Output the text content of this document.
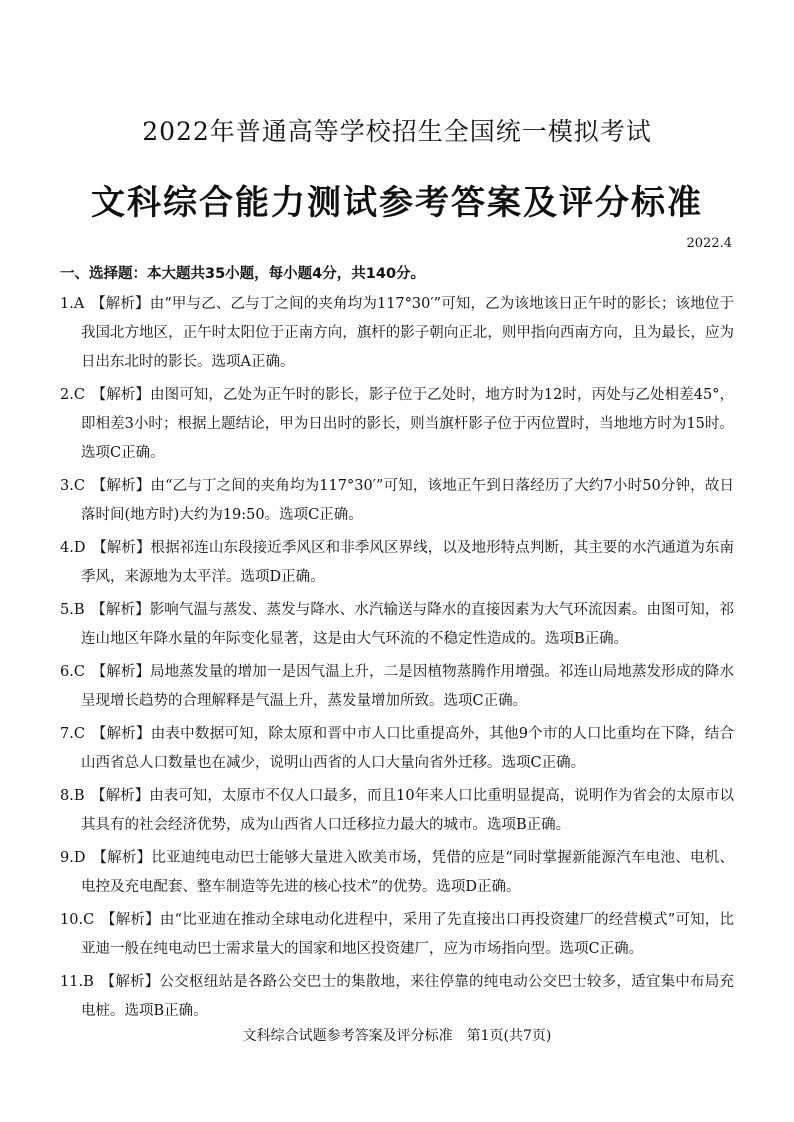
2022年普通高等学校招生全国统一模拟考试
文科综合能力测试参考答案及评分标准
2022.4
一、选择题：本大题共35小题，每小题4分，共140分。
1.A 【解析】由“甲与乙、乙与丁之间的夹角均为117°30′”可知，乙为该地该日正午时的影长；该地位于我国北方地区，正午时太阳位于正南方向，旗杆的影子朝向正北，则甲指向西南方向，且为最长，应为日出东北时的影长。选项A正确。
2.C 【解析】由图可知，乙处为正午时的影长，影子位于乙处时，地方时为12时，丙处与乙处相差45°，即相差3小时；根据上题结论，甲为日出时的影长，则当旗杆影子位于丙位置时，当地地方时为15时。选项C正确。
3.C 【解析】由“乙与丁之间的夹角均为117°30′”可知，该地正午到日落经历了大约7小时50分钟，故日落时间(地方时)大约为19:50。选项C正确。
4.D 【解析】根据祁连山东段接近季风区和非季风区界线，以及地形特点判断，其主要的水汽通道为东南季风，来源地为太平洋。选项D正确。
5.B 【解析】影响气温与蒸发、蒸发与降水、水汽输送与降水的直接因素为大气环流因素。由图可知，祁连山地区年降水量的年际变化显著，这是由大气环流的不稳定性造成的。选项B正确。
6.C 【解析】局地蒸发量的增加一是因气温上升，二是因植物蒸腾作用增强。祁连山局地蒸发形成的降水呈现增长趋势的合理解释是气温上升，蒸发量增加所致。选项C正确。
7.C 【解析】由表中数据可知，除太原和晋中市人口比重提高外，其他9个市的人口比重均在下降，结合山西省总人口数量也在减少，说明山西省的人口大量向省外迁移。选项C正确。
8.B 【解析】由表可知，太原市不仅人口最多，而且10年来人口比重明显提高，说明作为省会的太原市以其具有的社会经济优势，成为山西省人口迁移拉力最大的城市。选项B正确。
9.D 【解析】比亚迪纯电动巴士能够大量进入欧美市场，凭借的应是“同时掌握新能源汽车电池、电机、电控及充电配套、整车制造等先进的核心技术”的优势。选项D正确。
10.C 【解析】由“比亚迪在推动全球电动化进程中，采用了先直接出口再投资建厂的经营模式”可知，比亚迪一般在纯电动巴士需求量大的国家和地区投资建厂，应为市场指向型。选项C正确。
11.B 【解析】公交枢纽站是各路公交巴士的集散地，来往停靠的纯电动公交巴士较多，适宜集中布局充电桩。选项B正确。
文科综合试题参考答案及评分标准　第1页(共7页)
